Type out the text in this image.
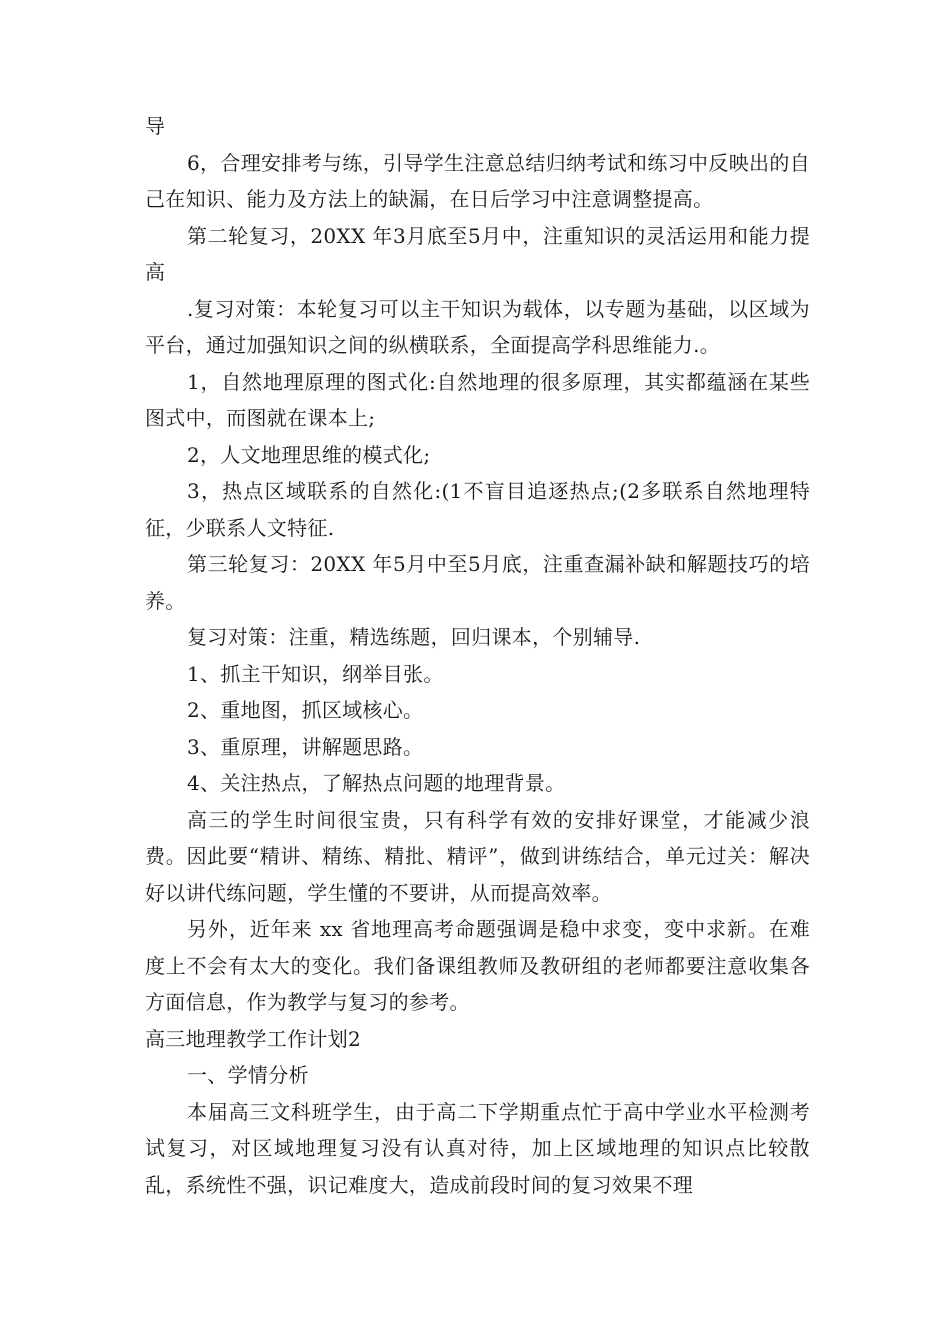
导

6，合理安排考与练，引导学生注意总结归纳考试和练习中反映出的自己在知识、能力及方法上的缺漏，在日后学习中注意调整提高。

第二轮复习，20XX 年3月底至5月中，注重知识的灵活运用和能力提高

.复习对策：本轮复习可以主干知识为载体，以专题为基础，以区域为平台，通过加强知识之间的纵横联系，全面提高学科思维能力.。

1，自然地理原理的图式化:自然地理的很多原理，其实都蕴涵在某些图式中，而图就在课本上;

2，人文地理思维的模式化;

3，热点区域联系的自然化:(1不盲目追逐热点;(2多联系自然地理特征，少联系人文特征.

第三轮复习：20XX 年5月中至5月底，注重查漏补缺和解题技巧的培养。

复习对策：注重，精选练题，回归课本，个别辅导.

1、抓主干知识，纲举目张。

2、重地图，抓区域核心。

3、重原理，讲解题思路。

4、关注热点，了解热点问题的地理背景。

高三的学生时间很宝贵，只有科学有效的安排好课堂，才能减少浪费。因此要“精讲、精练、精批、精评”，做到讲练结合，单元过关：解决好以讲代练问题，学生懂的不要讲，从而提高效率。

另外，近年来 xx 省地理高考命题强调是稳中求变，变中求新。在难度上不会有太大的变化。我们备课组教师及教研组的老师都要注意收集各方面信息，作为教学与复习的参考。

高三地理教学工作计划2

一、学情分析

本届高三文科班学生，由于高二下学期重点忙于高中学业水平检测考试复习，对区域地理复习没有认真对待，加上区域地理的知识点比较散乱，系统性不强，识记难度大，造成前段时间的复习效果不理
